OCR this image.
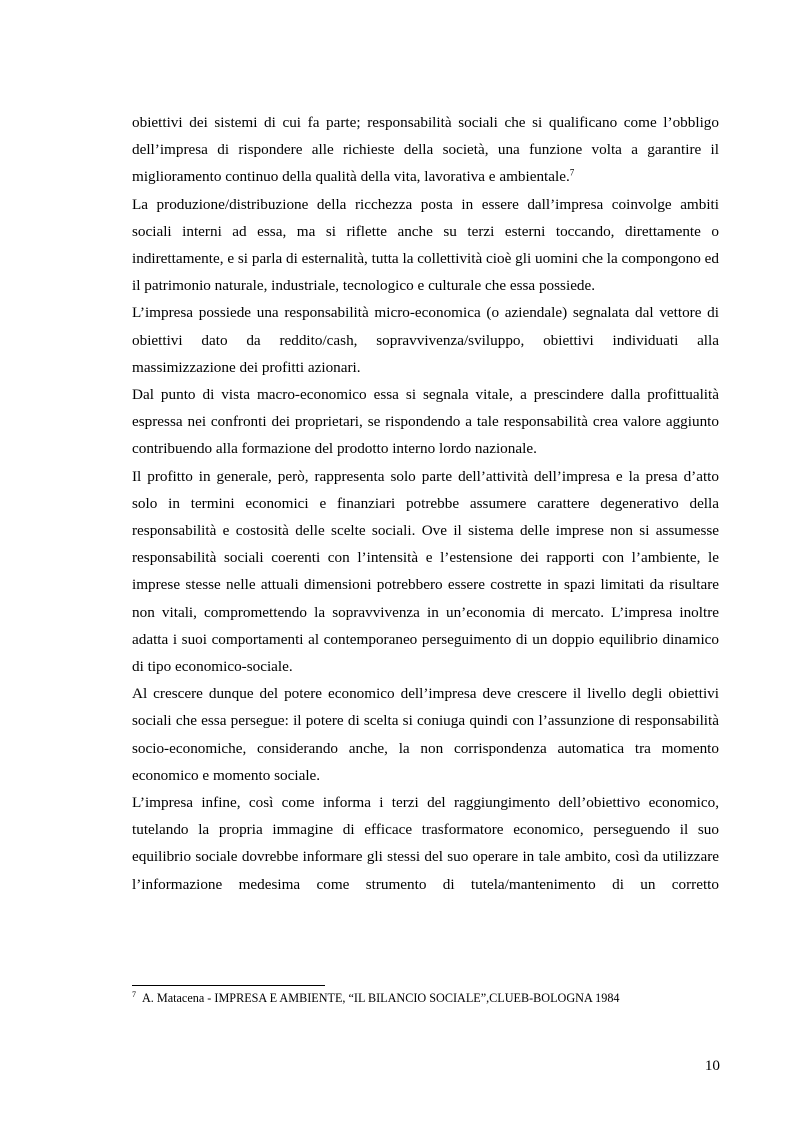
obiettivi dei sistemi di cui fa parte; responsabilità sociali che si qualificano come l’obbligo dell’impresa di rispondere alle richieste della società, una funzione volta a garantire il miglioramento continuo della qualità della vita, lavorativa e ambientale.$^7$

La produzione/distribuzione della ricchezza posta in essere dall’impresa coinvolge ambiti sociali interni ad essa, ma si riflette anche su terzi esterni toccando, direttamente o indirettamente, e si parla di esternalità, tutta la collettività cioè gli uomini che la compongono ed il patrimonio naturale, industriale, tecnologico e culturale che essa possiede.

L’impresa possiede una responsabilità micro-economica (o aziendale) segnalata dal vettore di obiettivi dato da reddito/cash, sopravvivenza/sviluppo, obiettivi individuati alla massimizzazione dei profitti azionari.

Dal punto di vista macro-economico essa si segnala vitale, a prescindere dalla profittualità espressa nei confronti dei proprietari, se rispondendo a tale responsabilità crea valore aggiunto contribuendo alla formazione del prodotto interno lordo nazionale.

Il profitto in generale, però, rappresenta solo parte dell’attività dell’impresa e la presa d’atto solo in termini economici e finanziari potrebbe assumere carattere degenerativo della responsabilità e costosità delle scelte sociali. Ove il sistema delle imprese non si assumesse responsabilità sociali coerenti con l’intensità e l’estensione dei rapporti con l’ambiente, le imprese stesse nelle attuali dimensioni potrebbero essere costrette in spazi limitati da risultare non vitali, compromettendo la sopravvivenza in un’economia di mercato. L’impresa inoltre adatta i suoi comportamenti al contemporaneo perseguimento di un doppio equilibrio dinamico di tipo economico-sociale.

Al crescere dunque del potere economico dell’impresa deve crescere il livello degli obiettivi sociali che essa persegue: il potere di scelta si coniuga quindi con l’assunzione di responsabilità socio-economiche, considerando anche, la non corrispondenza automatica tra momento economico e momento sociale.

L’impresa infine, così come informa i terzi del raggiungimento dell’obiettivo economico, tutelando la propria immagine di efficace trasformatore economico, perseguendo il suo equilibrio sociale dovrebbe informare gli stessi del suo operare in tale ambito, così da utilizzare l’informazione medesima come strumento di tutela/mantenimento di un corretto

$^7$ A. Matacena - IMPRESA E AMBIENTE, “IL BILANCIO SOCIALE”,CLUEB-BOLOGNA 1984
10
